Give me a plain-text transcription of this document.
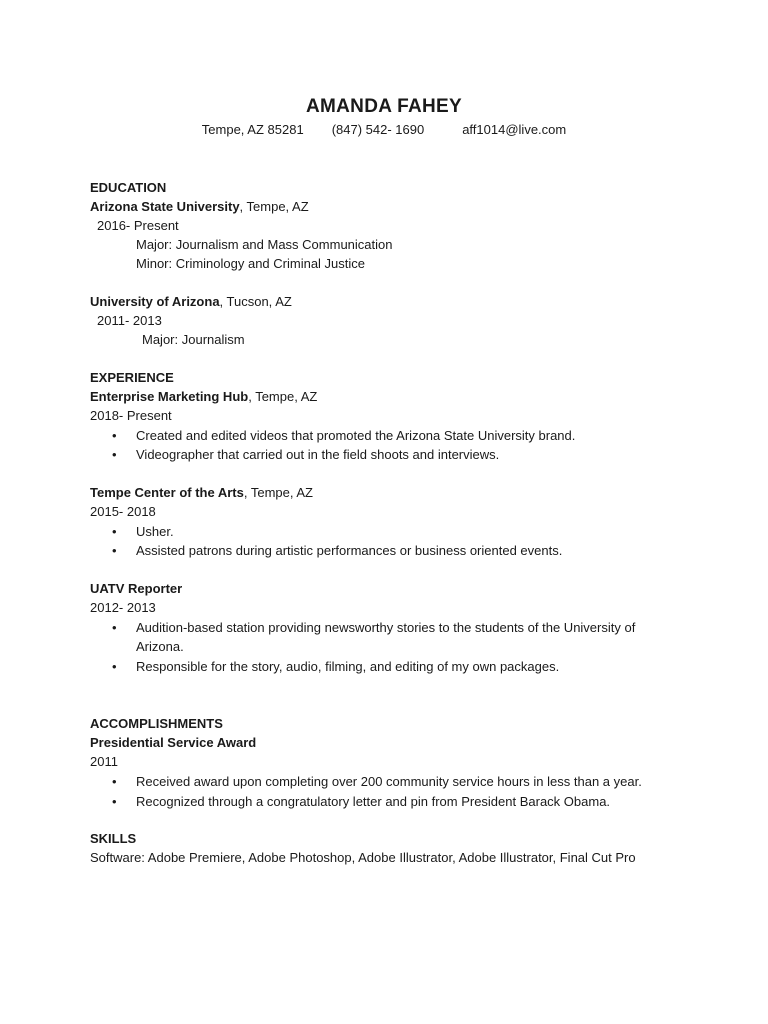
AMANDA FAHEY
Tempe, AZ 85281 (847) 542- 1690	aff1014@live.com
EDUCATION
Arizona State University, Tempe, AZ
2016- Present
Major: Journalism and Mass Communication
Minor: Criminology and Criminal Justice
University of Arizona, Tucson, AZ
2011- 2013
Major: Journalism
EXPERIENCE
Enterprise Marketing Hub, Tempe, AZ
2018- Present
• Created and edited videos that promoted the Arizona State University brand.
• Videographer that carried out in the field shoots and interviews.
Tempe Center of the Arts, Tempe, AZ
2015- 2018
• Usher.
• Assisted patrons during artistic performances or business oriented events.
UATV Reporter
2012- 2013
• Audition-based station providing newsworthy stories to the students of the University of
Arizona.
• Responsible for the story, audio, filming, and editing of my own packages.
ACCOMPLISHMENTS
Presidential Service Award
2011
• Received award upon completing over 200 community service hours in less than a year.
• Recognized through a congratulatory letter and pin from President Barack Obama.
SKILLS
Software: Adobe Premiere, Adobe Photoshop, Adobe Illustrator, Adobe Illustrator, Final Cut Pro
